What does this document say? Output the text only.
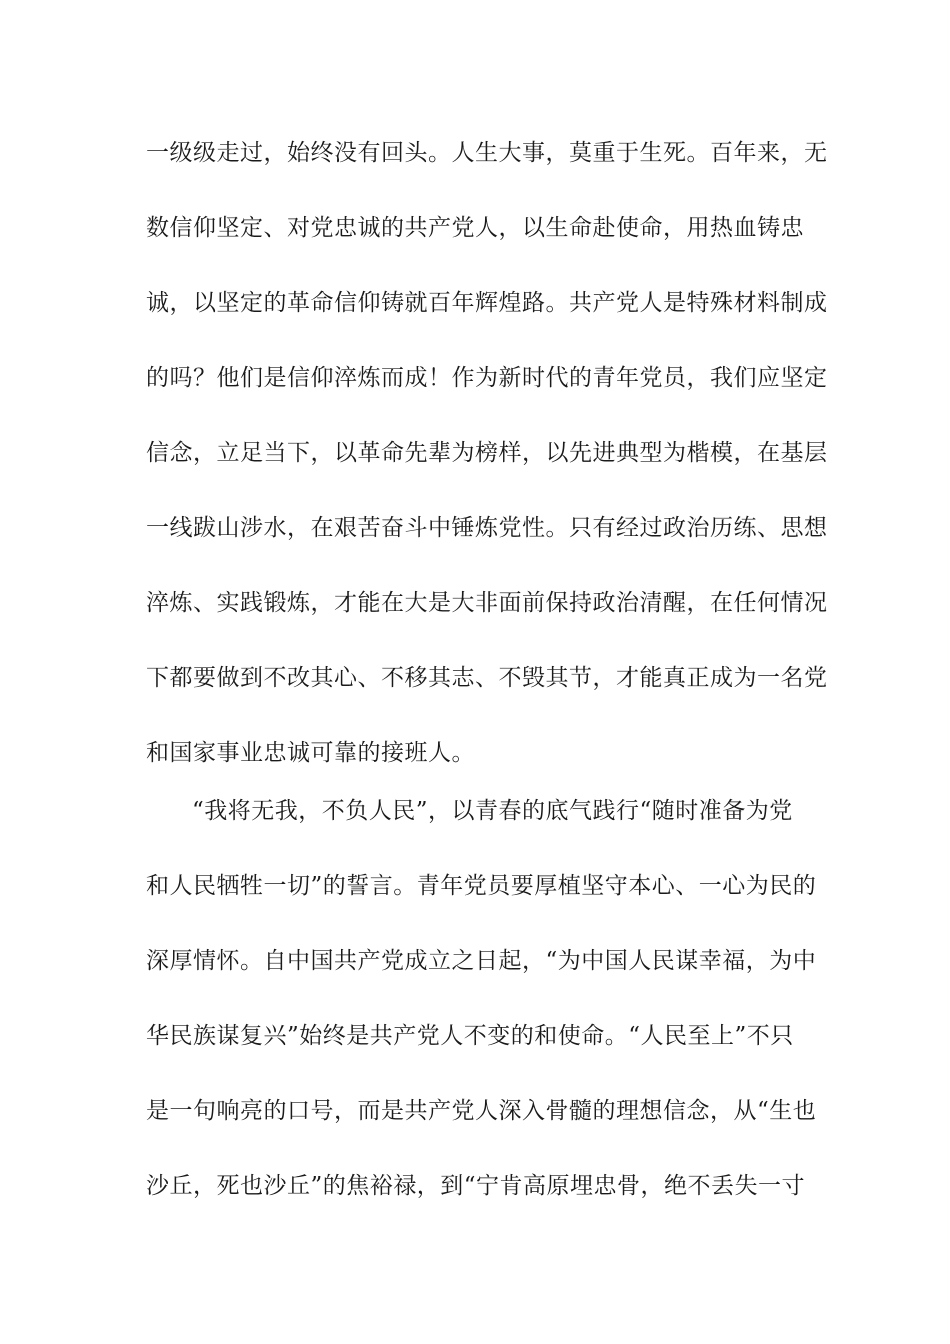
一级级走过，始终没有回头。人生大事，莫重于生死。百年来，无
数信仰坚定、对党忠诚的共产党人，以生命赴使命，用热血铸忠
诚，以坚定的革命信仰铸就百年辉煌路。共产党人是特殊材料制成
的吗？他们是信仰淬炼而成！作为新时代的青年党员，我们应坚定
信念，立足当下，以革命先辈为榜样，以先进典型为楷模，在基层
一线跋山涉水，在艰苦奋斗中锤炼党性。只有经过政治历练、思想
淬炼、实践锻炼，才能在大是大非面前保持政治清醒，在任何情况
下都要做到不改其心、不移其志、不毁其节，才能真正成为一名党
和国家事业忠诚可靠的接班人。
“我将无我，不负人民”，以青春的底气践行“随时准备为党
和人民牺牲一切”的誓言。青年党员要厚植坚守本心、一心为民的
深厚情怀。自中国共产党成立之日起，“为中国人民谋幸福，为中
华民族谋复兴”始终是共产党人不变的和使命。“人民至上”不只
是一句响亮的口号，而是共产党人深入骨髓的理想信念，从“生也
沙丘，死也沙丘”的焦裕禄，到“宁肯高原埋忠骨，绝不丢失一寸
